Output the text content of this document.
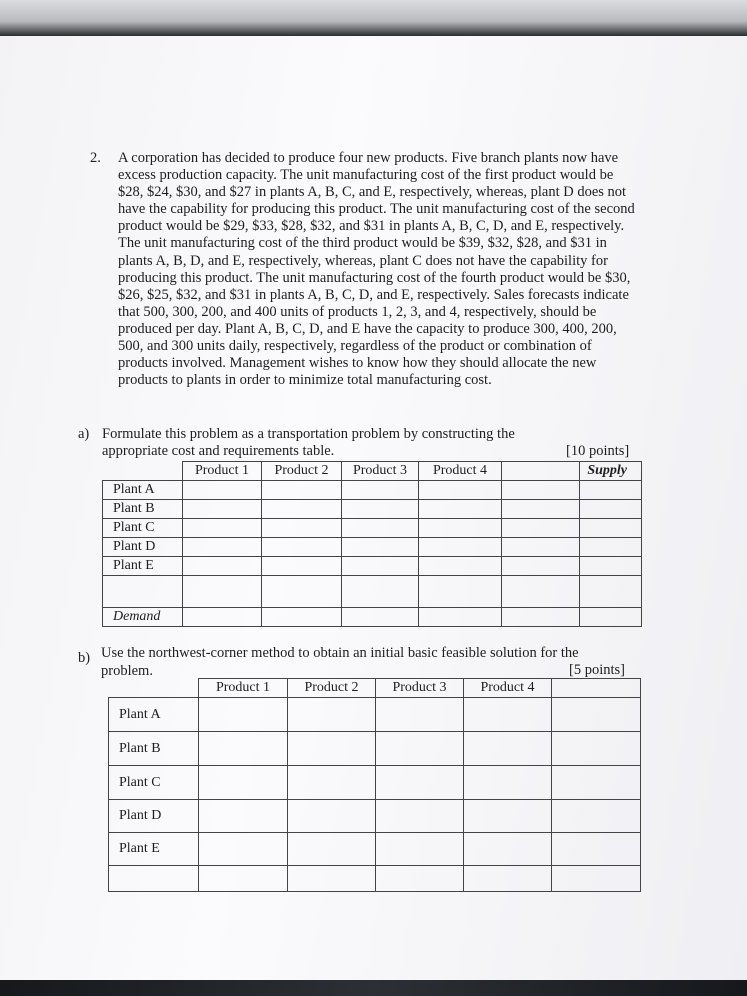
2. A corporation has decided to produce four new products. Five branch plants now have excess production capacity. The unit manufacturing cost of the first product would be $28, $24, $30, and $27 in plants A, B, C, and E, respectively, whereas, plant D does not have the capability for producing this product. The unit manufacturing cost of the second product would be $29, $33, $28, $32, and $31 in plants A, B, C, D, and E, respectively. The unit manufacturing cost of the third product would be $39, $32, $28, and $31 in plants A, B, D, and E, respectively, whereas, plant C does not have the capability for producing this product. The unit manufacturing cost of the fourth product would be $30, $26, $25, $32, and $31 in plants A, B, C, D, and E, respectively. Sales forecasts indicate that 500, 300, 200, and 400 units of products 1, 2, 3, and 4, respectively, should be produced per day. Plant A, B, C, D, and E have the capacity to produce 300, 400, 200, 500, and 300 units daily, respectively, regardless of the product or combination of products involved. Management wishes to know how they should allocate the new products to plants in order to minimize total manufacturing cost.

a) Formulate this problem as a transportation problem by constructing the appropriate cost and requirements table.	[10 points]
	Product 1	Product 2	Product 3	Product 4		Supply
Plant A						
Plant B						
Plant C						
Plant D						
Plant E						

Demand						
b) Use the northwest-corner method to obtain an initial basic feasible solution for the problem.	[5 points]
	Product 1	Product 2	Product 3	Product 4	
Plant A					
Plant B					
Plant C					
Plant D					
Plant E					
